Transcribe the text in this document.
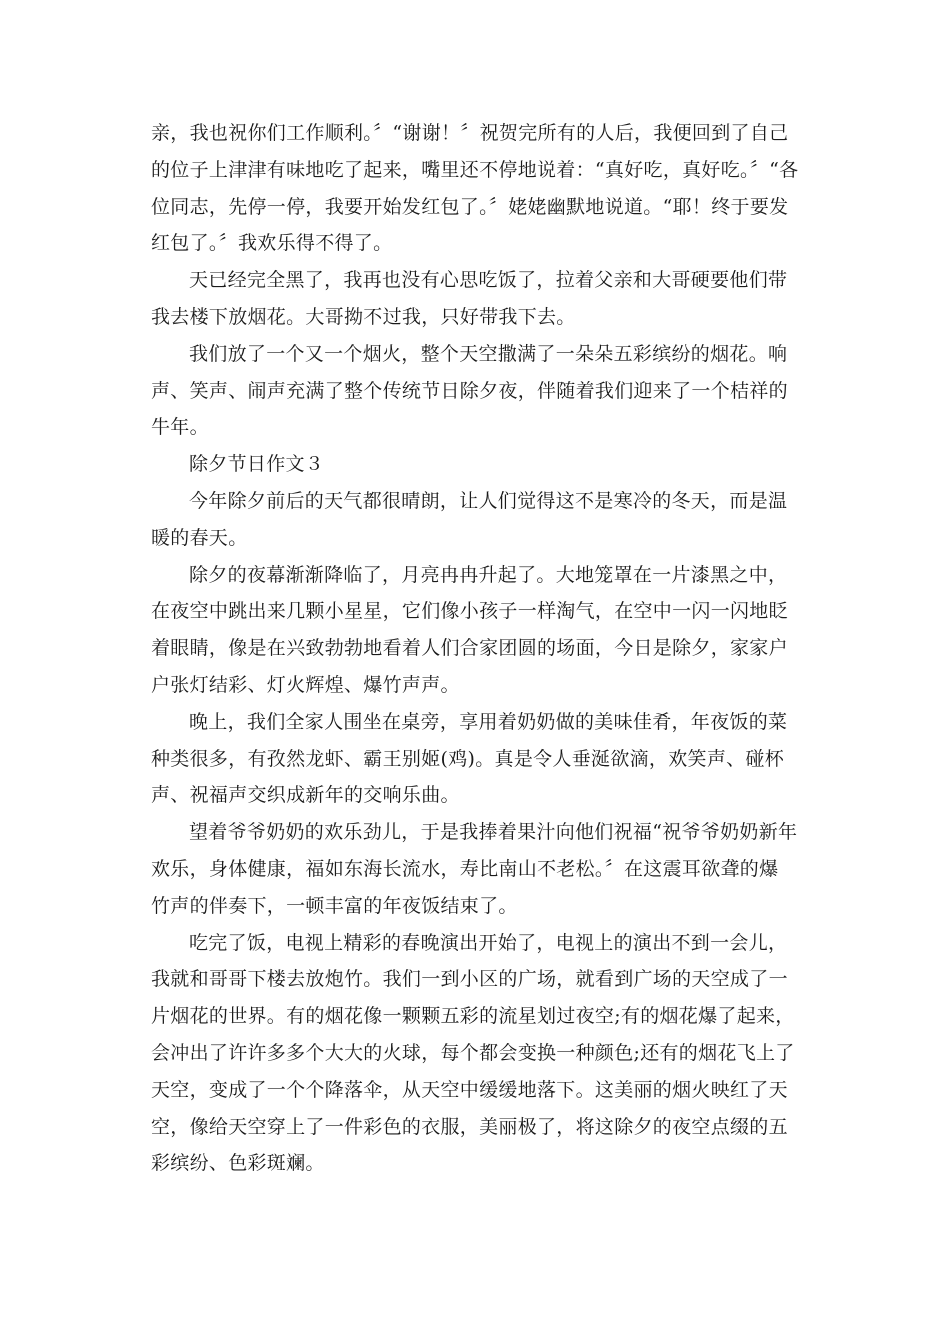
亲，我也祝你们工作顺利。〞“谢谢！〞祝贺完所有的人后，我便回到了自己
的位子上津津有味地吃了起来，嘴里还不停地说着：“真好吃，真好吃。〞“各
位同志，先停一停，我要开始发红包了。〞姥姥幽默地说道。“耶！终于要发
红包了。〞我欢乐得不得了。
天已经完全黑了，我再也没有心思吃饭了，拉着父亲和大哥硬要他们带
我去楼下放烟花。大哥拗不过我，只好带我下去。
我们放了一个又一个烟火，整个天空撒满了一朵朵五彩缤纷的烟花。响
声、笑声、闹声充满了整个传统节日除夕夜，伴随着我们迎来了一个桔祥的
牛年。
除夕节日作文３
今年除夕前后的天气都很晴朗，让人们觉得这不是寒冷的冬天，而是温
暖的春天。
除夕的夜幕渐渐降临了，月亮冉冉升起了。大地笼罩在一片漆黑之中，
在夜空中跳出来几颗小星星，它们像小孩子一样淘气，在空中一闪一闪地眨
着眼睛，像是在兴致勃勃地看着人们合家团圆的场面，今日是除夕，家家户
户张灯结彩、灯火辉煌、爆竹声声。
晚上，我们全家人围坐在桌旁，享用着奶奶做的美味佳肴，年夜饭的菜
种类很多，有孜然龙虾、霸王别姬(鸡)。真是令人垂涎欲滴，欢笑声、碰杯
声、祝福声交织成新年的交响乐曲。
望着爷爷奶奶的欢乐劲儿，于是我捧着果汁向他们祝福“祝爷爷奶奶新年
欢乐，身体健康，福如东海长流水，寿比南山不老松。〞在这震耳欲聋的爆
竹声的伴奏下，一顿丰富的年夜饭结束了。
吃完了饭，电视上精彩的春晚演出开始了，电视上的演出不到一会儿，
我就和哥哥下楼去放炮竹。我们一到小区的广场，就看到广场的天空成了一
片烟花的世界。有的烟花像一颗颗五彩的流星划过夜空;有的烟花爆了起来，
会冲出了许许多多个大大的火球，每个都会变换一种颜色;还有的烟花飞上了
天空，变成了一个个降落伞，从天空中缓缓地落下。这美丽的烟火映红了天
空，像给天空穿上了一件彩色的衣服，美丽极了，将这除夕的夜空点缀的五
彩缤纷、色彩斑斓。
